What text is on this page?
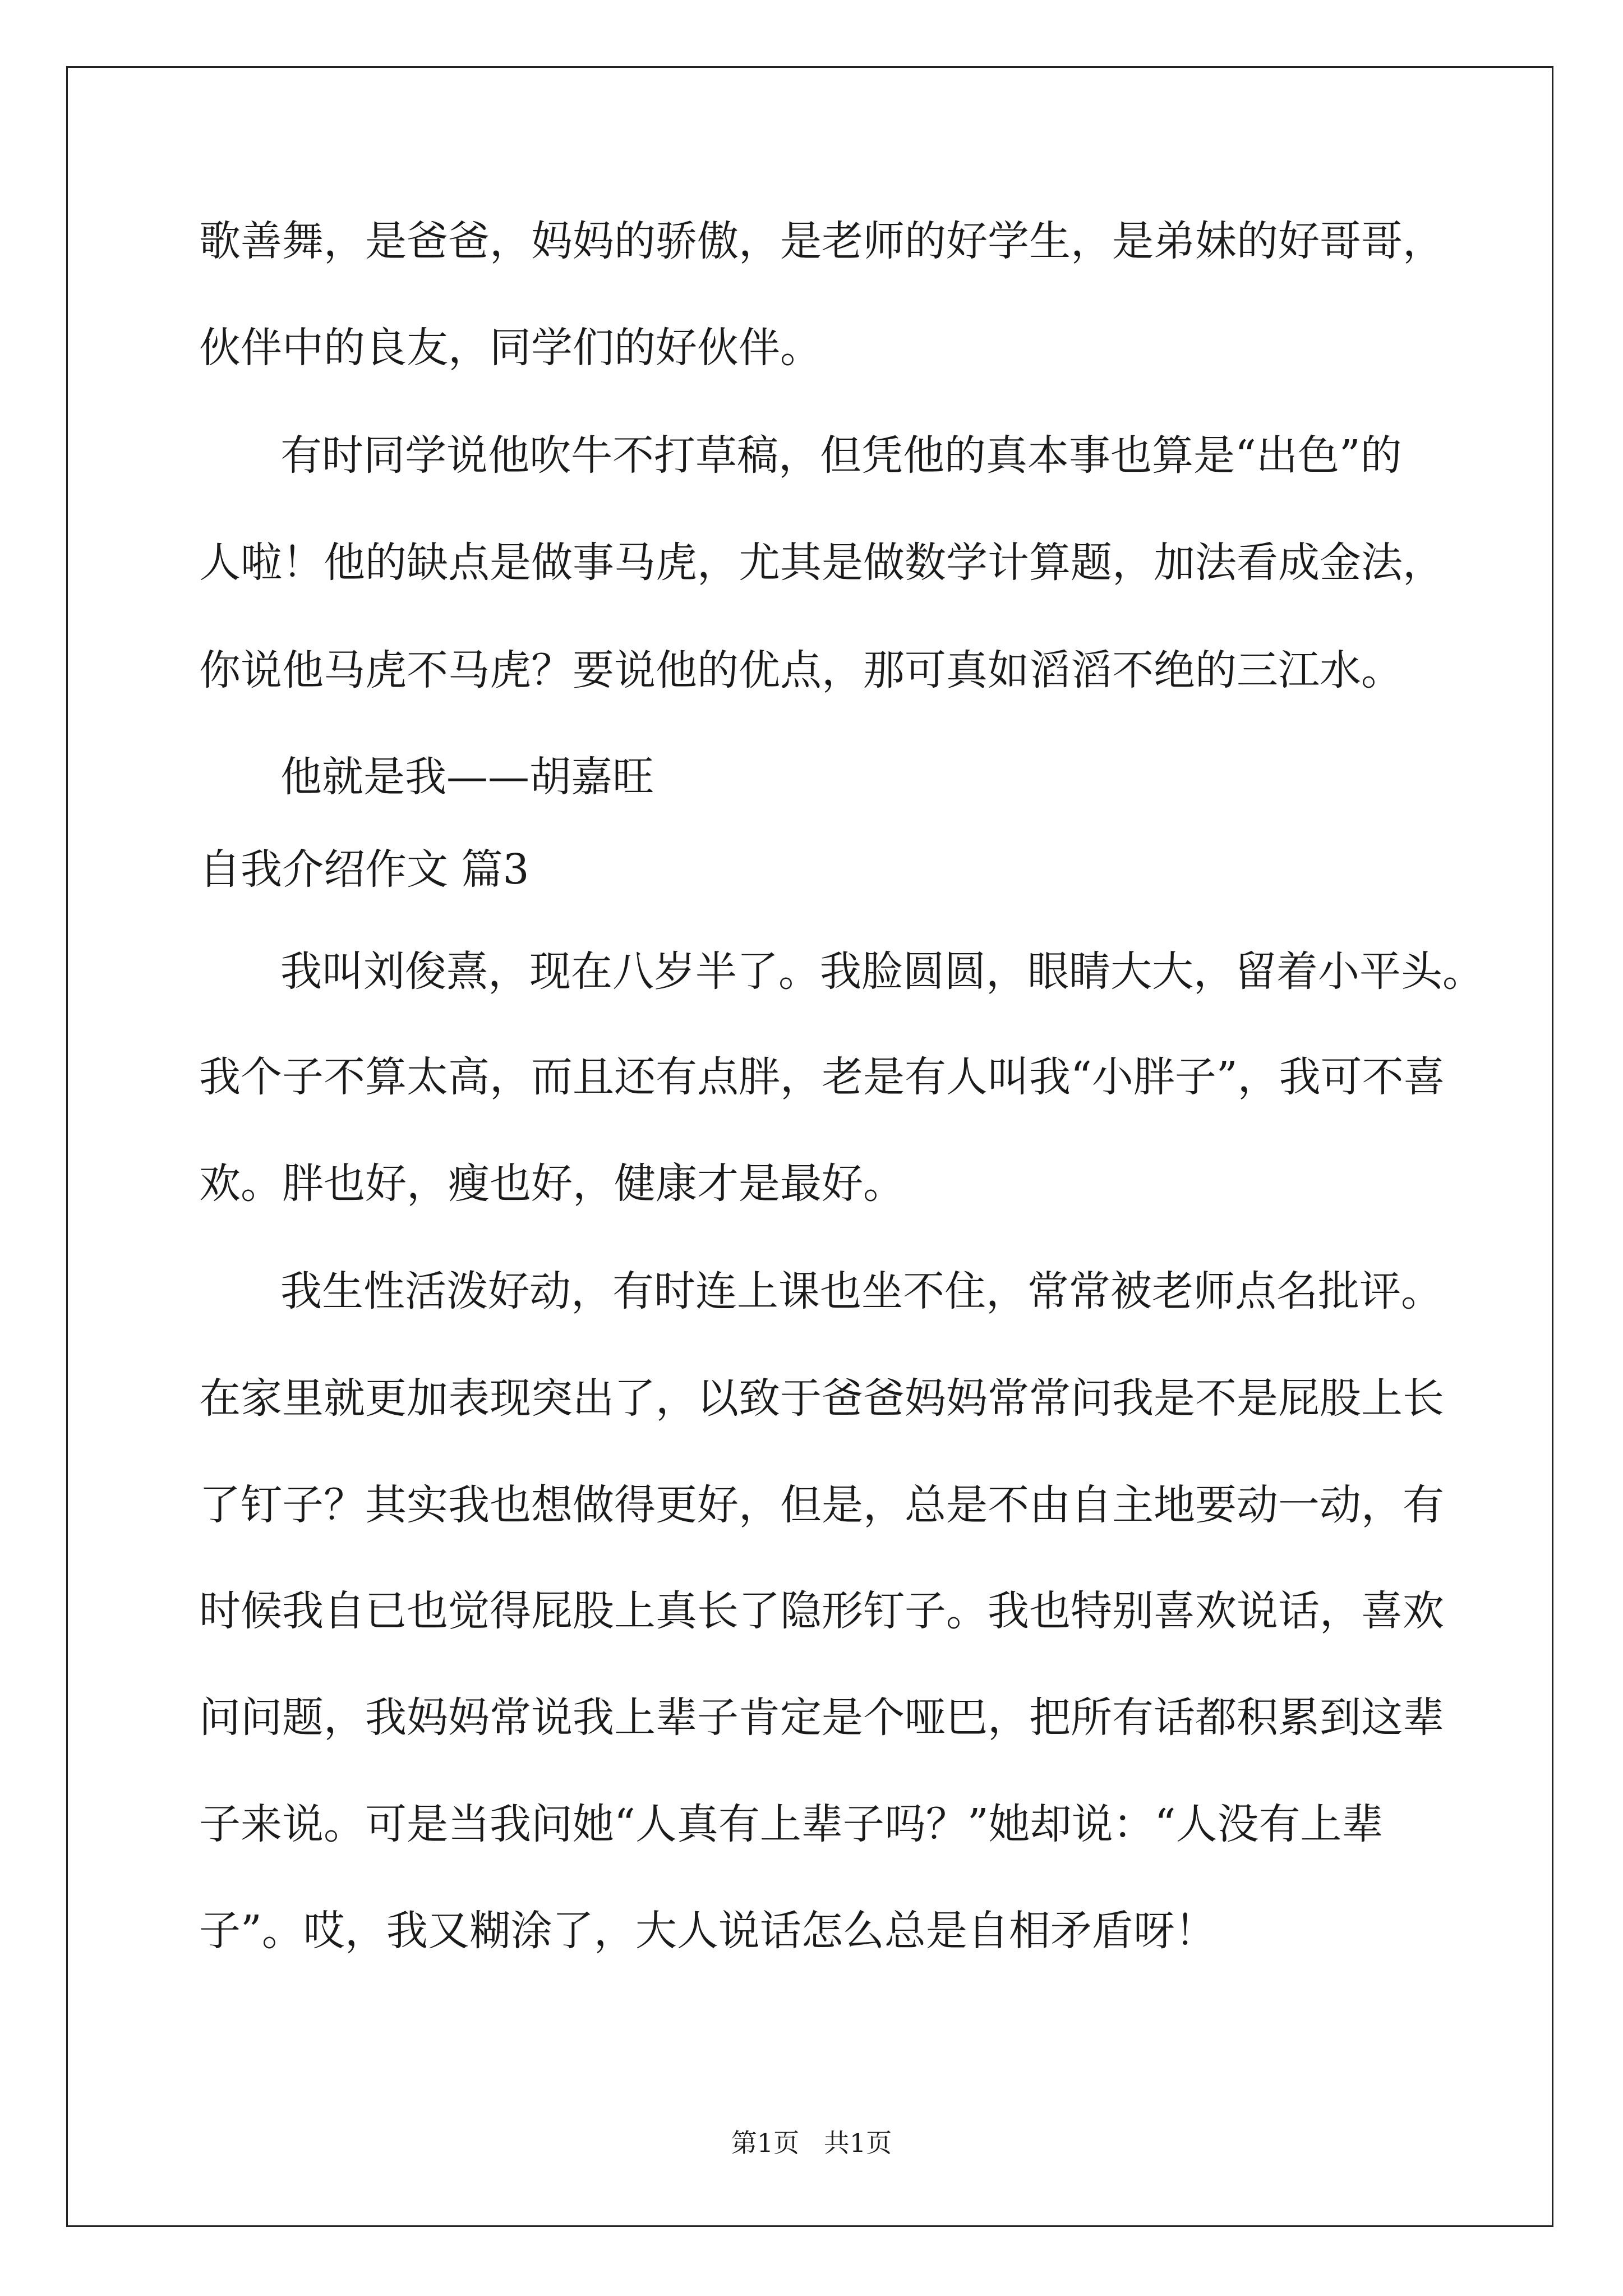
歌善舞，是爸爸，妈妈的骄傲，是老师的好学生，是弟妹的好哥哥，
伙伴中的良友，同学们的好伙伴。
有时同学说他吹牛不打草稿，但凭他的真本事也算是“出色”的
人啦！他的缺点是做事马虎，尤其是做数学计算题，加法看成金法，
你说他马虎不马虎？要说他的优点，那可真如滔滔不绝的三江水。
他就是我——胡嘉旺
自我介绍作文 篇3
我叫刘俊熹，现在八岁半了。我脸圆圆，眼睛大大，留着小平头。
我个子不算太高，而且还有点胖，老是有人叫我“小胖子”，我可不喜
欢。胖也好，瘦也好，健康才是最好。
我生性活泼好动，有时连上课也坐不住，常常被老师点名批评。
在家里就更加表现突出了，以致于爸爸妈妈常常问我是不是屁股上长
了钉子？其实我也想做得更好，但是，总是不由自主地要动一动，有
时候我自已也觉得屁股上真长了隐形钉子。我也特别喜欢说话，喜欢
问问题，我妈妈常说我上辈子肯定是个哑巴，把所有话都积累到这辈
子来说。可是当我问她“人真有上辈子吗？”她却说：“人没有上辈
子”。哎，我又糊涂了，大人说话怎么总是自相矛盾呀！
第1页   共1页
